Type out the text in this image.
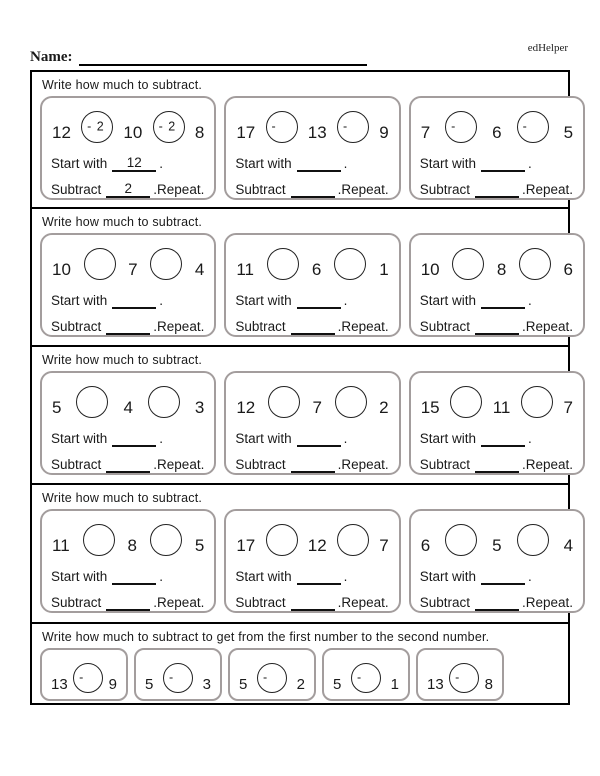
edHelper
Name:
Write how much to subtract.
12 - 2 10 - 2 8
Start with 12 .
Subtract 2 . Repeat.
17 - 13 - 9
Start with	.
Subtract	. Repeat.
7 - 6 - 5
Start with	.
Subtract	. Repeat.
Write how much to subtract.
10	7	4
Start with	.
Subtract	. Repeat.
11	6	1
Start with	.
Subtract	. Repeat.
10	8	6
Start with	.
Subtract	. Repeat.
Write how much to subtract.
5	4	3
Start with	.
Subtract	. Repeat.
12	7	2
Start with	.
Subtract	. Repeat.
15	11	7
Start with	.
Subtract	. Repeat.
Write how much to subtract.
11	8	5
Start with	.
Subtract	. Repeat.
17	12	7
Start with	.
Subtract	. Repeat.
6	5	4
Start with	.
Subtract	. Repeat.
Write how much to subtract to get from the first number to the second number.
13 - 9 5 - 3 5 - 2 5 - 1 13 - 8
